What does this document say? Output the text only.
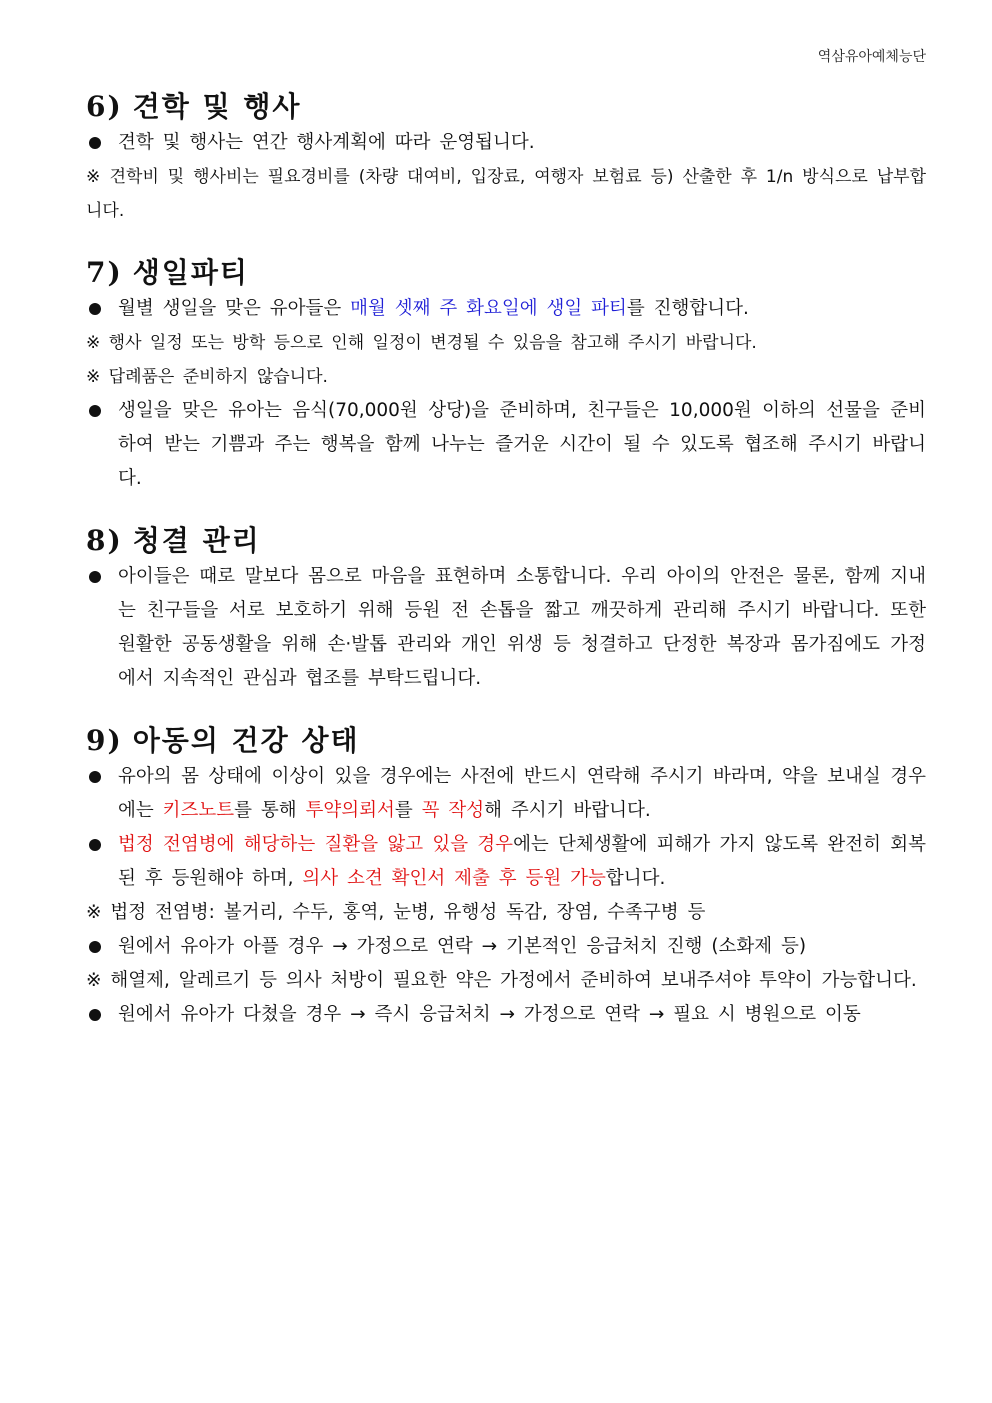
역삼유아예체능단
6) 견학 및 행사
견학 및 행사는 연간 행사계획에 따라 운영됩니다.
※ 견학비 및 행사비는 필요경비를 (차량 대여비, 입장료, 여행자 보험료 등) 산출한 후 1/n 방식으로 납부합니다.
7) 생일파티
월별 생일을 맞은 유아들은 매월 셋째 주 화요일에 생일 파티를 진행합니다.
※ 행사 일정 또는 방학 등으로 인해 일정이 변경될 수 있음을 참고해 주시기 바랍니다.
※ 답례품은 준비하지 않습니다.
생일을 맞은 유아는 음식(70,000원 상당)을 준비하며, 친구들은 10,000원 이하의 선물을 준비하여 받는 기쁨과 주는 행복을 함께 나누는 즐거운 시간이 될 수 있도록 협조해 주시기 바랍니다.
8) 청결 관리
아이들은 때로 말보다 몸으로 마음을 표현하며 소통합니다. 우리 아이의 안전은 물론, 함께 지내는 친구들을 서로 보호하기 위해 등원 전 손톱을 짧고 깨끗하게 관리해 주시기 바랍니다. 또한 원활한 공동생활을 위해 손·발톱 관리와 개인 위생 등 청결하고 단정한 복장과 몸가짐에도 가정에서 지속적인 관심과 협조를 부탁드립니다.
9) 아동의 건강 상태
유아의 몸 상태에 이상이 있을 경우에는 사전에 반드시 연락해 주시기 바라며, 약을 보내실 경우에는 키즈노트를 통해 투약의뢰서를 꼭 작성해 주시기 바랍니다.
법정 전염병에 해당하는 질환을 앓고 있을 경우에는 단체생활에 피해가 가지 않도록 완전히 회복된 후 등원해야 하며, 의사 소견 확인서 제출 후 등원 가능합니다.
※ 법정 전염병: 볼거리, 수두, 홍역, 눈병, 유행성 독감, 장염, 수족구병 등
원에서 유아가 아플 경우 → 가정으로 연락 → 기본적인 응급처치 진행 (소화제 등)
※ 해열제, 알레르기 등 의사 처방이 필요한 약은 가정에서 준비하여 보내주셔야 투약이 가능합니다.
원에서 유아가 다쳤을 경우 → 즉시 응급처치 → 가정으로 연락 → 필요 시 병원으로 이동
